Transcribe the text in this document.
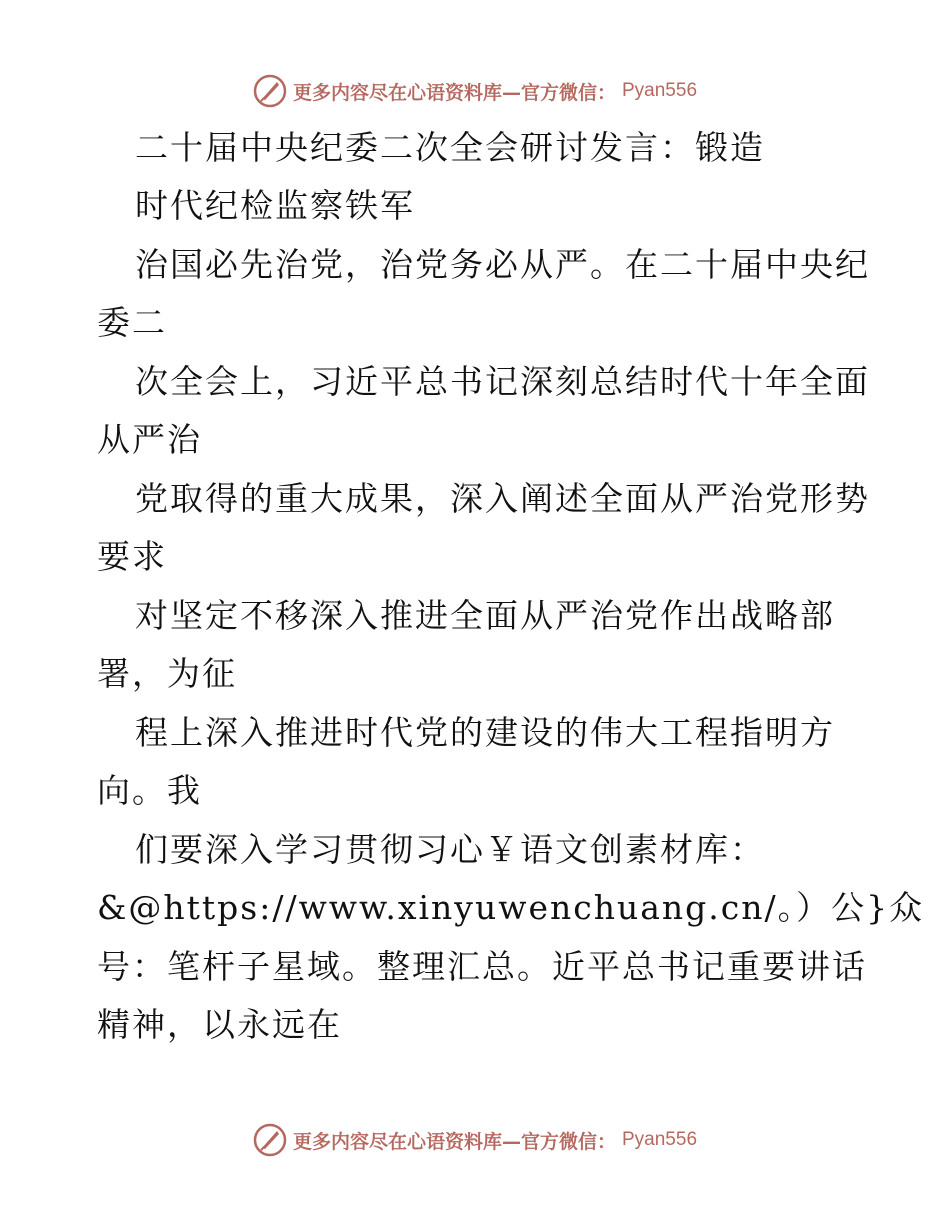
更多内容尽在心语资料库—官方微信： Pyan556
二十届中央纪委二次全会研讨发言：锻造
时代纪检监察铁军
治国必先治党，治党务必从严。在二十届中央纪
委二
次全会上，习近平总书记深刻总结时代十年全面
从严治
党取得的重大成果，深入阐述全面从严治党形势
要求
对坚定不移深入推进全面从严治党作出战略部
署，为征
程上深入推进时代党的建设的伟大工程指明方
向。我
们要深入学习贯彻习心￥语文创素材库：
&@https://www.xinyuwenchuang.cn/。）公}众
号：笔杆子星域。整理汇总。近平总书记重要讲话
精神，以永远在
更多内容尽在心语资料库—官方微信： Pyan556
